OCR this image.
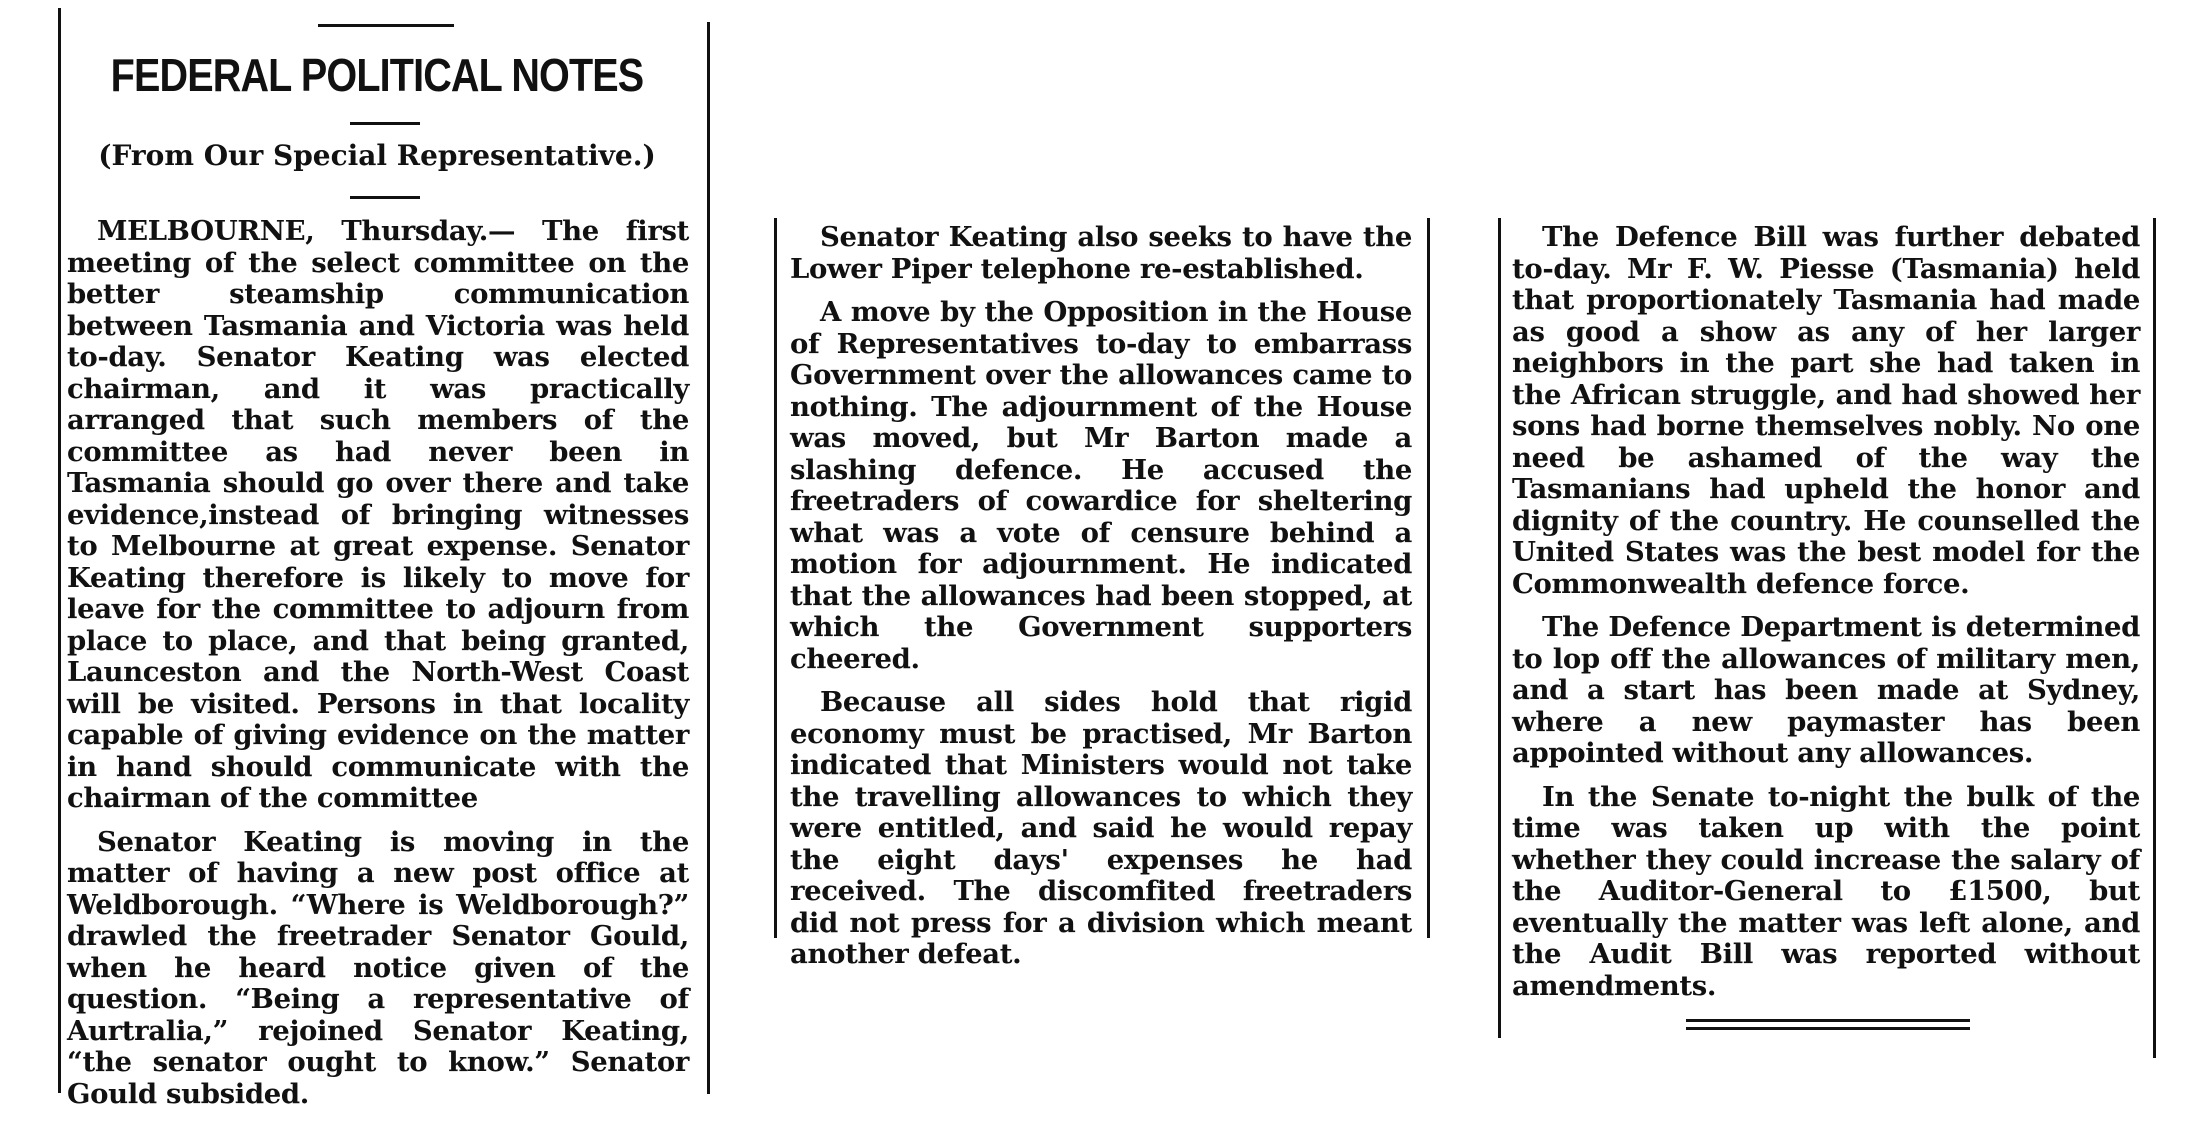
FEDERAL POLITICAL NOTES
(From Our Special Representative.)

MELBOURNE, Thursday.— The first meeting of the select committee on the better steamship communication between Tasmania and Victoria was held to-day. Senator Keating was elected chairman, and it was practically arranged that such members of the committee as had never been in Tasmania should go over there and take evidence,instead of bringing witnesses to Melbourne at great expense. Senator Keating therefore is likely to move for leave for the committee to adjourn from place to place, and that being granted, Launceston and the North-West Coast will be visited. Persons in that locality capable of giving evidence on the matter in hand should communicate with the chairman of the committee

Senator Keating is moving in the matter of having a new post office at Weldborough. “Where is Weldborough?” drawled the freetrader Senator Gould, when he heard notice given of the question. “Being a representative of Aurtralia,” rejoined Senator Keating, “the senator ought to know.” Senator Gould subsided.

Senator Keating also seeks to have the Lower Piper telephone re-established.

A move by the Opposition in the House of Representatives to-day to embarrass Government over the allowances came to nothing. The adjournment of the House was moved, but Mr Barton made a slashing defence. He accused the freetraders of cowardice for sheltering what was a vote of censure behind a motion for adjournment. He indicated that the allowances had been stopped, at which the Government supporters cheered.

Because all sides hold that rigid economy must be practised, Mr Barton indicated that Ministers would not take the travelling allowances to which they were entitled, and said he would repay the eight days' expenses he had received. The discomfited freetraders did not press for a division which meant another defeat.

The Defence Bill was further debated to-day. Mr F. W. Piesse (Tasmania) held that proportionately Tasmania had made as good a show as any of her larger neighbors in the part she had taken in the African struggle, and had showed her sons had borne themselves nobly. No one need be ashamed of the way the Tasmanians had upheld the honor and dignity of the country. He counselled the United States was the best model for the Commonwealth defence force.

The Defence Department is determined to lop off the allowances of military men, and a start has been made at Sydney, where a new paymaster has been appointed without any allowances.

In the Senate to-night the bulk of the time was taken up with the point whether they could increase the salary of the Auditor-General to £1500, but eventually the matter was left alone, and the Audit Bill was reported without amendments.
